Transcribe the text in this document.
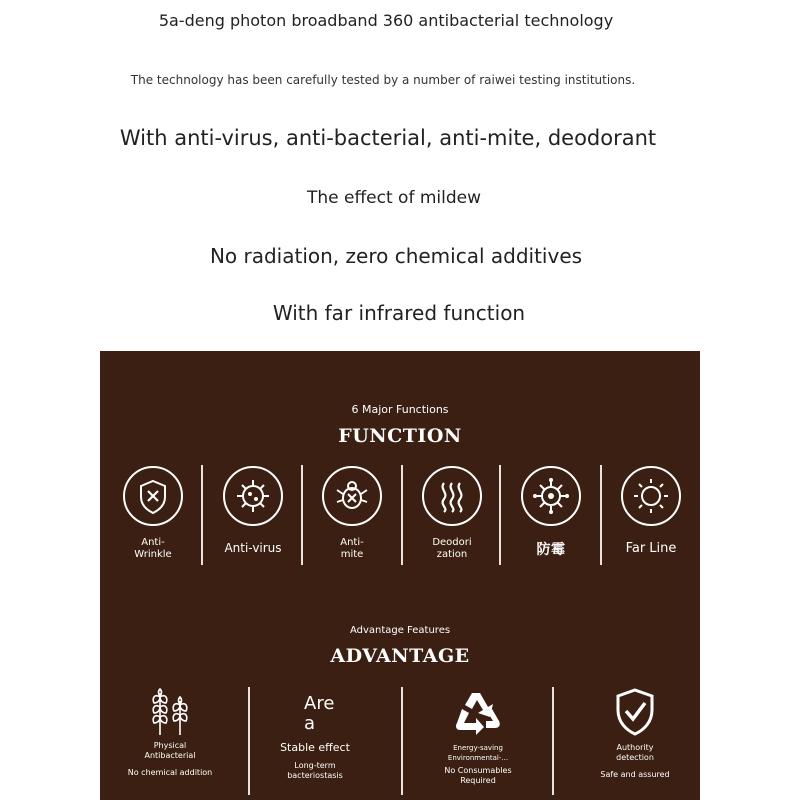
5a-deng photon broadband 360 antibacterial technology
The technology has been carefully tested by a number of raiwei testing institutions.
With anti-virus, anti-bacterial, anti-mite, deodorant
The effect of mildew
No radiation, zero chemical additives
With far infrared function
6 Major Functions
FUNCTION
Anti-
Wrinkle	Anti-virus	Anti-
mite
Deodori
zation	防霉	Far Line
Advantage Features
ADVANTAGE
Physical
Antibacterial
No chemical addition
Are
a
Stable effect
Long-term
bacteriostasis
Energy-saving
Environmental-...
No Consumables
Required
Authority
detection
Safe and assured
